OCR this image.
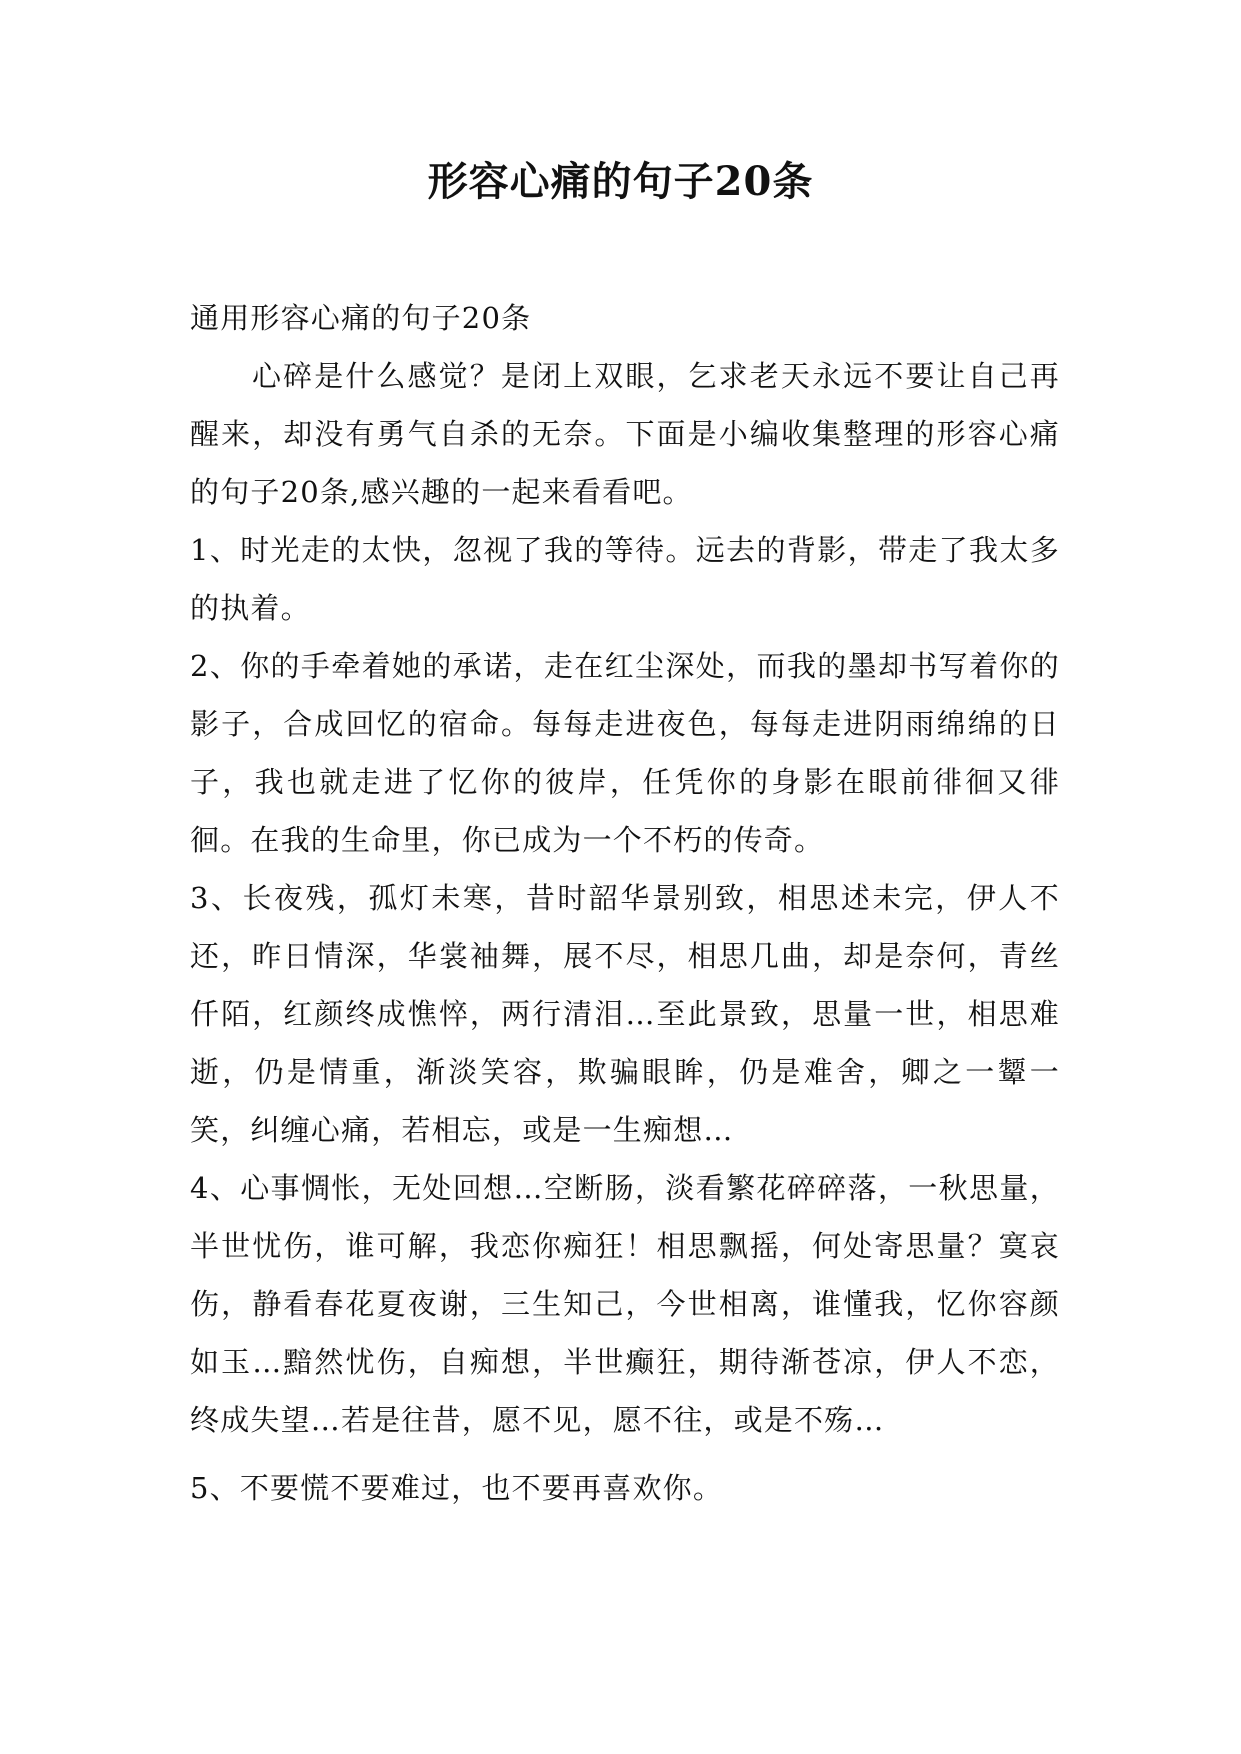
形容心痛的句子20条

通用形容心痛的句子20条

心碎是什么感觉？是闭上双眼，乞求老天永远不要让自己再醒来，却没有勇气自杀的无奈。下面是小编收集整理的形容心痛的句子20条,感兴趣的一起来看看吧。

1、时光走的太快，忽视了我的等待。远去的背影，带走了我太多的执着。

2、你的手牵着她的承诺，走在红尘深处，而我的墨却书写着你的影子，合成回忆的宿命。每每走进夜色，每每走进阴雨绵绵的日子，我也就走进了忆你的彼岸，任凭你的身影在眼前徘徊又徘徊。在我的生命里，你已成为一个不朽的传奇。

3、长夜残，孤灯未寒，昔时韶华景别致，相思述未完，伊人不还，昨日情深，华裳袖舞，展不尽，相思几曲，却是奈何，青丝仟陌，红颜终成憔悴，两行清泪…至此景致，思量一世，相思难逝，仍是情重，渐淡笑容，欺骗眼眸，仍是难舍，卿之一颦一笑，纠缠心痛，若相忘，或是一生痴想…

4、心事惆怅，无处回想…空断肠，淡看繁花碎碎落，一秋思量，半世忧伤，谁可解，我恋你痴狂！相思飘摇，何处寄思量？寞哀伤，静看春花夏夜谢，三生知己，今世相离，谁懂我，忆你容颜如玉…黯然忧伤，自痴想，半世癫狂，期待渐苍凉，伊人不恋，终成失望…若是往昔，愿不见，愿不往，或是不殇…

5、不要慌不要难过，也不要再喜欢你。
